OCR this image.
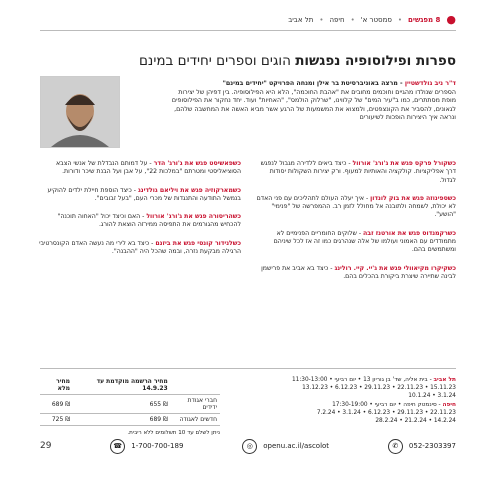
●
8 מפגשים
•
סמסטר א'
•
חיפה
•
תל אביב
ספרות ופילוסופיה נפגשות הוגים וספרים יחידים במינם
ד"ר ניב גולדשטיין - מרצה באוניברסיטת בר אילן ומנחה הפרויקט "יחידים במינם"
הספרים שנולדו מהגיים וחוכמים מחובים את "אהבת החוכמה", הלא היא הפילוסופיה. בין דפיהן של יצירות
מופת מסתתרים, כמו ב"עיר המים" של קלווינו, "שרלוק הולמס", "האחיות" ועוד. יחד נחקור את הפילוסופים
לגאונים, להסביר את הקונצפטים, ולמצוא את המשמעות של הרגע אשר מביא האשה את המחשבה שלהם,
ונראה איך היצירות הופכות לשיעורים
כשקורל פרקס פגש את ג'ורג' אורוול - כיצד ביאים ללדירה מגבול לנפגש דרך אפליקציות. קולקציה והאותיות למעוף. ורק יצירות השקולות יסודות לגדול.
כשספינוזה פגש את בוק לונדון - איך יעלה העולם לתהליכים עם פני האדם לא יכולת, לשמחה ולתובנה אל מחולל לזמן רב. ההמפרשה של "פנימי" "הושע".
כשרקמנדוס פגש את אורטנז זבה - שלוקים החומריים הפנימיים לא מתמודדים עם האמוני ועולמו של אלה שנהרגים כמו זה אז לכל שיניהם ומשתמשים בהם.
כשקיקרו מקיאוולי פגש את ג'יי. קיי. רולינג - כיצד בא אביב את פרישמן לבינה שתיירה שיצרת ביקורת בהכלים בהם.
כשפאשיסט פגש את ג'ורג' הדר - על דמותם הנבדלת של אנשי הצבא הסוציאליסטי ומטרתם "במלכות 22", על אבן ועל הבנת שיכר ודורות.
כשמארקוזיה פגש את ויליאם גולדינג - כיצד הוספת חיילת ילדים להוקיע בנמשל התודעה והתנגדות של מכרי העם, "בעל זבובים".
כשהריסורה פגש את ג'ורג' אורוול - האם וכיצד יכול "האחוה תוכנה" להכחיש מהגורמים את התפיסה ממירזה הוצאת להורג.
כשלנידור קונסי פגש את ביזנם - כיצד בא לירי מה נעשה האדם הקונסרטיבי הרגילה מבקעת נזרה, ובמה שהכל היה "ההבנה".
תל אביב - בית אליה, שד' בן גוריון 13 • יום רביעי • 11:30-13:00
15.11.23 • 22.11.23 • 29.11.23 • 6.12.23 • 13.12.23
3.1.24 • 10.1.24
חיפה - סינמטק חיפה • יום רביעי • 17:30-19:00
22.11.23 • 29.11.23 • 6.12.23 • 3.1.24 • 7.2.24
14.2.24 • 21.2.24 • 28.2.24
	מחיר הרשמה מוקדמת עד 14.9.23	מחיר מלא
חברי אגודת ידידים	₪ 655	₪ 689
חדשים לאגודה	₪ 689	₪ 725
ניתן לשלם עד 10 תשלומים ללא ריבית.
29	☎	1-700-700-189	◎	openu.ac.il/ascolot	✆	052-2303397
